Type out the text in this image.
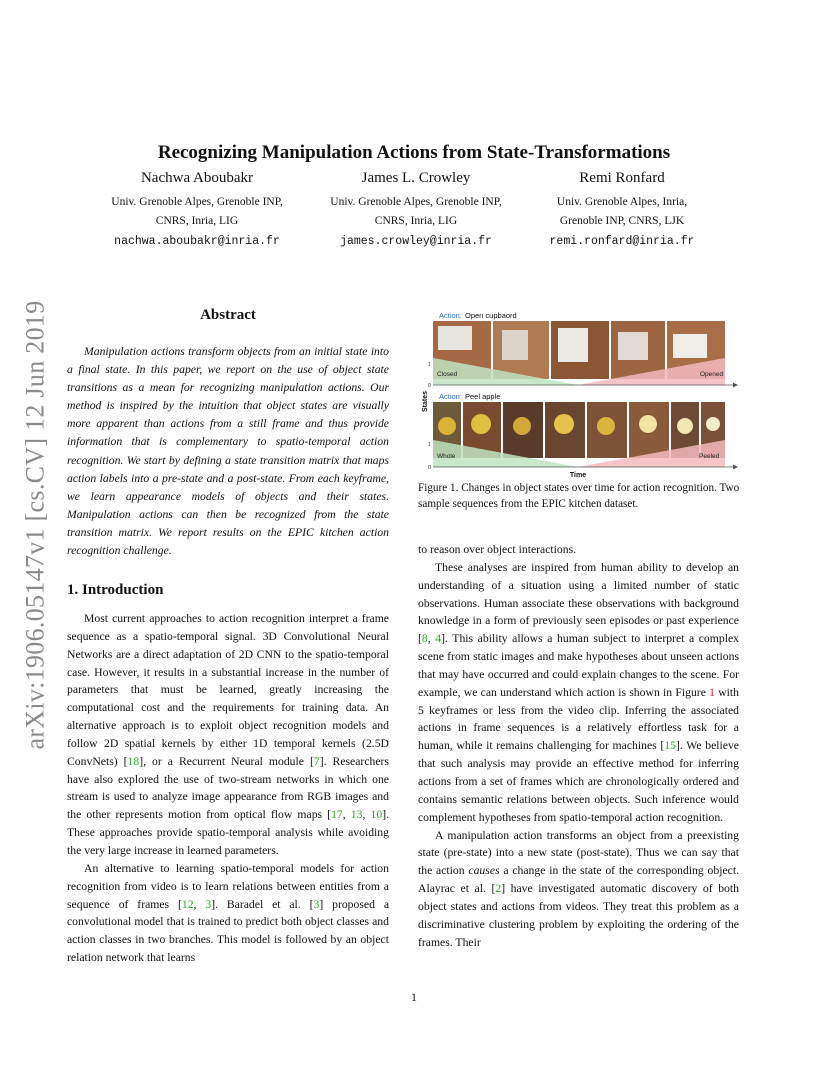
arXiv:1906.05147v1 [cs.CV] 12 Jun 2019
Recognizing Manipulation Actions from State-Transformations
Nachwa Aboubakr
Univ. Grenoble Alpes, Grenoble INP,
CNRS, Inria, LIG
nachwa.aboubakr@inria.fr
James L. Crowley
Univ. Grenoble Alpes, Grenoble INP,
CNRS, Inria, LIG
james.crowley@inria.fr
Remi Ronfard
Univ. Grenoble Alpes, Inria,
Grenoble INP, CNRS, LJK
remi.ronfard@inria.fr
Abstract
Manipulation actions transform objects from an initial state into a final state. In this paper, we report on the use of object state transitions as a mean for recognizing manipulation actions. Our method is inspired by the intuition that object states are visually more apparent than actions from a still frame and thus provide information that is complementary to spatio-temporal action recognition. We start by defining a state transition matrix that maps action labels into a pre-state and a post-state. From each keyframe, we learn appearance models of objects and their states. Manipulation actions can then be recognized from the state transition matrix. We report results on the EPIC kitchen action recognition challenge.
1. Introduction

Most current approaches to action recognition interpret a frame sequence as a spatio-temporal signal. 3D Convolutional Neural Networks are a direct adaptation of 2D CNN to the spatio-temporal case. However, it results in a substantial increase in the number of parameters that must be learned, greatly increasing the computational cost and the requirements for training data. An alternative approach is to exploit object recognition models and follow 2D spatial kernels by either 1D temporal kernels (2.5D ConvNets) [18], or a Recurrent Neural module [7]. Researchers have also explored the use of two-stream networks in which one stream is used to analyze image appearance from RGB images and the other represents motion from optical flow maps [17, 13, 10]. These approaches provide spatio-temporal analysis while avoiding the very large increase in learned parameters.

An alternative to learning spatio-temporal models for action recognition from video is to learn relations between entities from a sequence of frames [12, 3]. Baradel et al. [3] proposed a convolutional model that is trained to predict both object classes and action classes in two branches. This model is followed by an object relation network that learns

Action: Open cupbaord
1
0
Closed	Opened
States Action: Peel apple
1
0
Whole	Peeled
Time
Figure 1. Changes in object states over time for action recognition. Two sample sequences from the EPIC kitchen dataset.

to reason over object interactions.

These analyses are inspired from human ability to develop an understanding of a situation using a limited number of static observations. Human associate these observations with background knowledge in a form of previously seen episodes or past experience [8, 4]. This ability allows a human subject to interpret a complex scene from static images and make hypotheses about unseen actions that may have occurred and could explain changes to the scene. For example, we can understand which action is shown in Figure 1 with 5 keyframes or less from the video clip. Inferring the associated actions in frame sequences is a relatively effortless task for a human, while it remains challenging for machines [15]. We believe that such analysis may provide an effective method for inferring actions from a set of frames which are chronologically ordered and contains semantic relations between objects. Such inference would complement hypotheses from spatio-temporal action recognition.

A manipulation action transforms an object from a preexisting state (pre-state) into a new state (post-state). Thus we can say that the action causes a change in the state of the corresponding object. Alayrac et al. [2] have investigated automatic discovery of both object states and actions from videos. They treat this problem as a discriminative clustering problem by exploiting the ordering of the frames. Their

1
